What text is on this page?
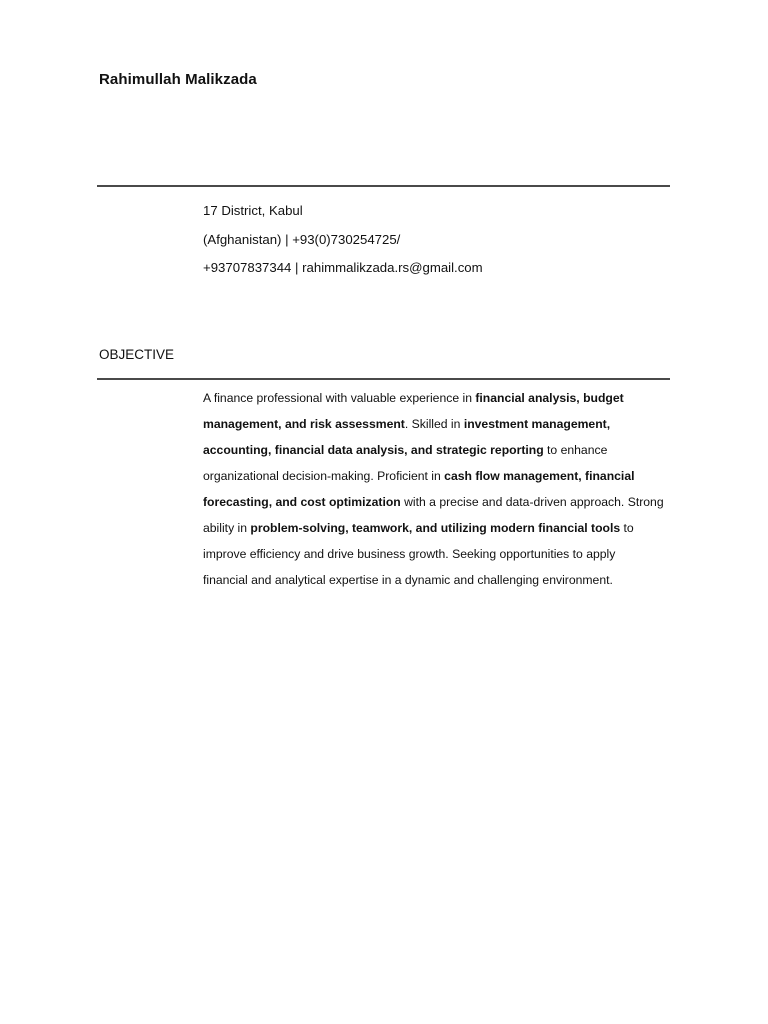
Rahimullah Malikzada
17 District, Kabul
(Afghanistan) | +93(0)730254725/
+93707837344 | rahimmalikzada.rs@gmail.com
OBJECTIVE
A finance professional with valuable experience in financial analysis, budget
management, and risk assessment. Skilled in investment management,
accounting, financial data analysis, and strategic reporting to enhance
organizational decision-making. Proficient in cash flow management, financial
forecasting, and cost optimization with a precise and data-driven approach. Strong
ability in problem-solving, teamwork, and utilizing modern financial tools to
improve efficiency and drive business growth. Seeking opportunities to apply
financial and analytical expertise in a dynamic and challenging environment.
